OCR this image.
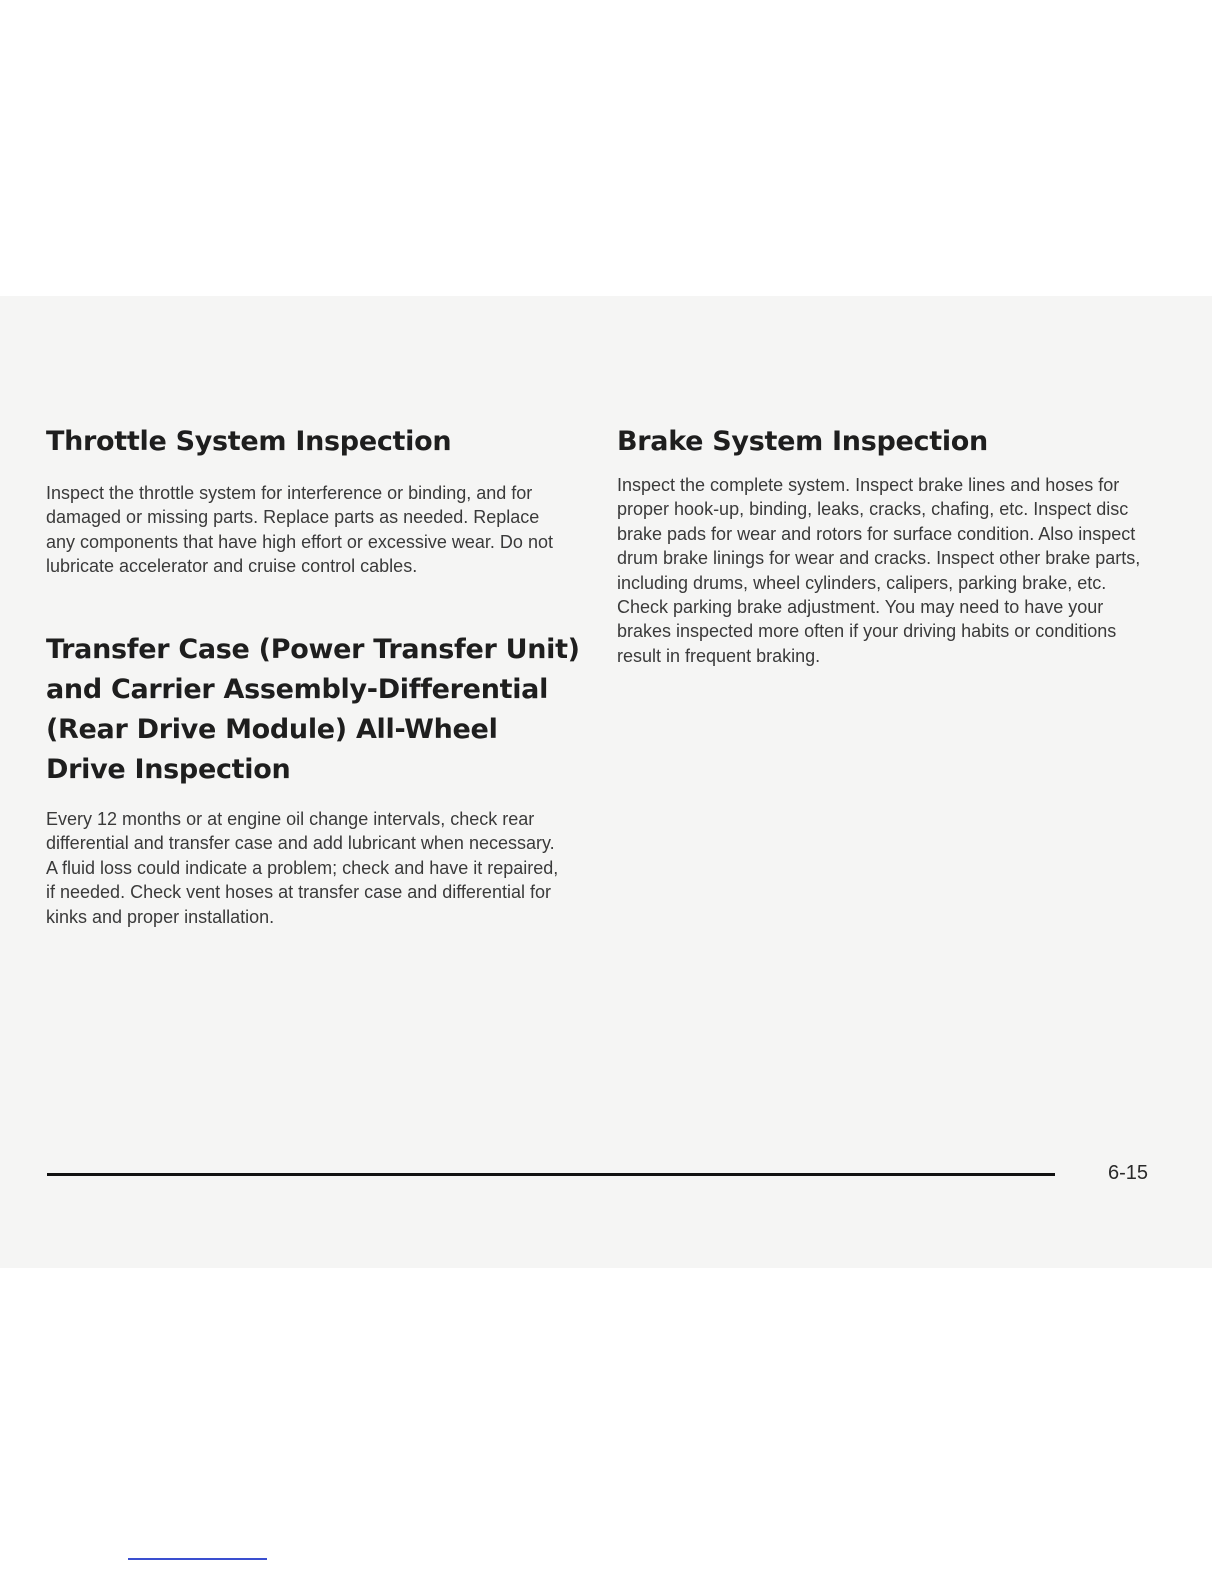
Throttle System Inspection

Inspect the throttle system for interference or binding, and for damaged or missing parts. Replace parts as needed. Replace any components that have high effort or excessive wear. Do not lubricate accelerator and cruise control cables.

Transfer Case (Power Transfer Unit) and Carrier Assembly-Differential (Rear Drive Module) All-Wheel Drive Inspection

Every 12 months or at engine oil change intervals, check rear differential and transfer case and add lubricant when necessary. A fluid loss could indicate a problem; check and have it repaired, if needed. Check vent hoses at transfer case and differential for kinks and proper installation.

Brake System Inspection

Inspect the complete system. Inspect brake lines and hoses for proper hook-up, binding, leaks, cracks, chafing, etc. Inspect disc brake pads for wear and rotors for surface condition. Also inspect drum brake linings for wear and cracks. Inspect other brake parts, including drums, wheel cylinders, calipers, parking brake, etc. Check parking brake adjustment. You may need to have your brakes inspected more often if your driving habits or conditions result in frequent braking.

6-15
